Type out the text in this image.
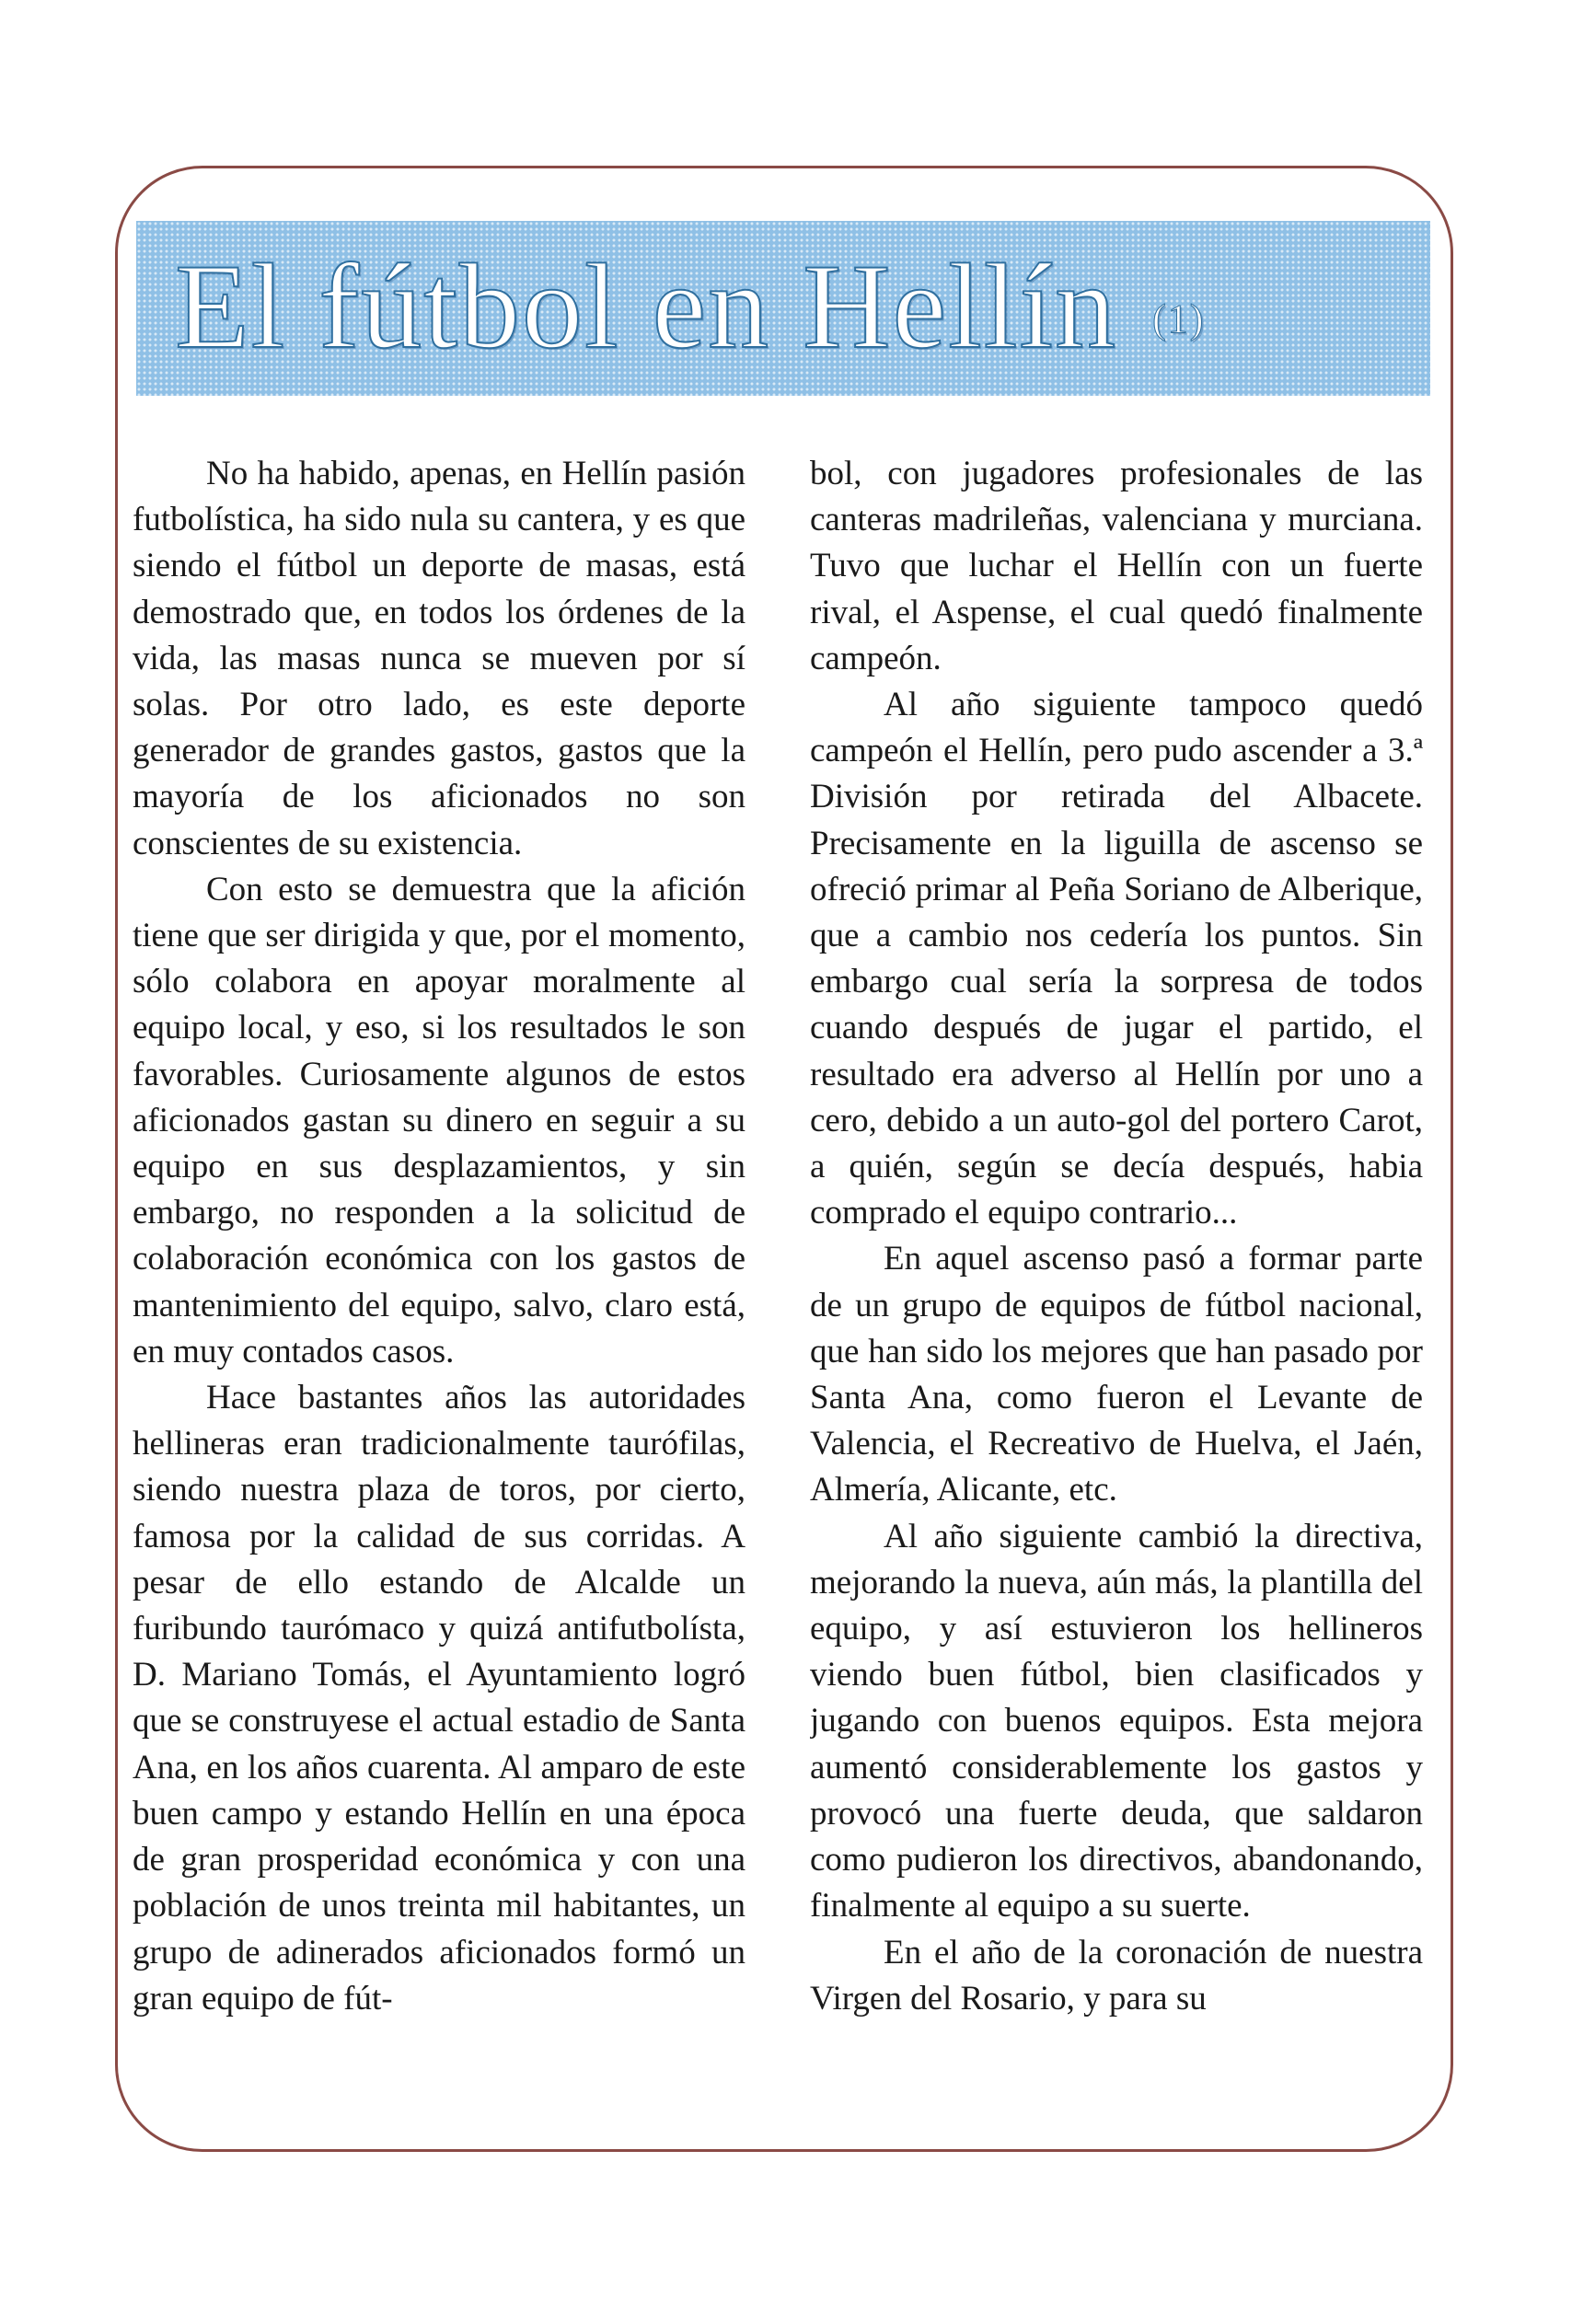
El fútbol en Hellín (1)

No ha habido, apenas, en Hellín pasión futbolística, ha sido nula su cantera, y es que siendo el fútbol un deporte de masas, está demostrado que, en todos los órdenes de la vida, las masas nunca se mueven por sí solas. Por otro lado, es este deporte generador de grandes gastos, gastos que la mayoría de los aficionados no son conscientes de su existencia.

Con esto se demuestra que la afición tiene que ser dirigida y que, por el momento, sólo colabora en apoyar moralmente al equipo local, y eso, si los resultados le son favorables. Curiosamente algunos de estos aficionados gastan su dinero en seguir a su equipo en sus desplazamientos, y sin embargo, no responden a la solicitud de colaboración económica con los gastos de mantenimiento del equipo, salvo, claro está, en muy contados casos.

Hace bastantes años las autoridades hellineras eran tradicionalmente taurófilas, siendo nuestra plaza de toros, por cierto, famosa por la calidad de sus corridas. A pesar de ello estando de Alcalde un furibundo taurómaco y quizá antifutbolísta, D. Mariano Tomás, el Ayuntamiento logró que se construyese el actual estadio de Santa Ana, en los años cuarenta. Al amparo de este buen campo y estando Hellín en una época de gran prosperidad económica y con una población de unos treinta mil habitantes, un grupo de adinerados aficionados formó un gran equipo de fút-

bol, con jugadores profesionales de las canteras madrileñas, valenciana y murciana. Tuvo que luchar el Hellín con un fuerte rival, el Aspense, el cual quedó finalmente campeón.

Al año siguiente tampoco quedó campeón el Hellín, pero pudo ascender a 3.ª División por retirada del Albacete. Precisamente en la liguilla de ascenso se ofreció primar al Peña Soriano de Alberique, que a cambio nos cedería los puntos. Sin embargo cual sería la sorpresa de todos cuando después de jugar el partido, el resultado era adverso al Hellín por uno a cero, debido a un auto-gol del portero Carot, a quién, según se decía después, habia comprado el equipo contrario...

En aquel ascenso pasó a formar parte de un grupo de equipos de fútbol nacional, que han sido los mejores que han pasado por Santa Ana, como fueron el Levante de Valencia, el Recreativo de Huelva, el Jaén, Almería, Alicante, etc.

Al año siguiente cambió la directiva, mejorando la nueva, aún más, la plantilla del equipo, y así estuvieron los hellineros viendo buen fútbol, bien clasificados y jugando con buenos equipos. Esta mejora aumentó considerablemente los gastos y provocó una fuerte deuda, que saldaron como pudieron los directivos, abandonando, finalmente al equipo a su suerte.

En el año de la coronación de nuestra Virgen del Rosario, y para su
